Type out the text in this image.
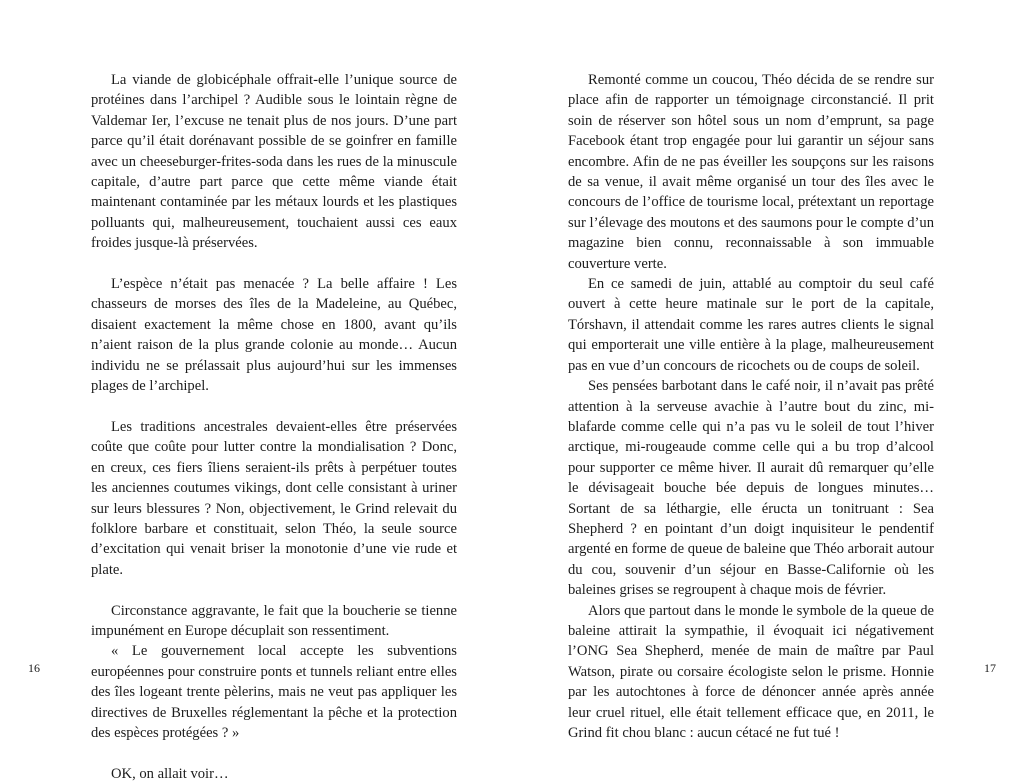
La viande de globicéphale offrait-elle l’unique source de protéines dans l’archipel ? Audible sous le lointain règne de Valdemar Ier, l’excuse ne tenait plus de nos jours. D’une part parce qu’il était dorénavant possible de se goinfrer en famille avec un cheeseburger-frites-soda dans les rues de la minuscule capitale, d’autre part parce que cette même viande était maintenant contaminée par les métaux lourds et les plastiques polluants qui, malheureusement, touchaient aussi ces eaux froides jusque-là préservées.

L’espèce n’était pas menacée ? La belle affaire ! Les chasseurs de morses des îles de la Madeleine, au Québec, disaient exactement la même chose en 1800, avant qu’ils n’aient raison de la plus grande colonie au monde… Aucun individu ne se prélassait plus aujourd’hui sur les immenses plages de l’archipel.

Les traditions ancestrales devaient-elles être préservées coûte que coûte pour lutter contre la mondialisation ? Donc, en creux, ces fiers îliens seraient-ils prêts à perpétuer toutes les anciennes coutumes vikings, dont celle consistant à uriner sur leurs blessures ? Non, objectivement, le Grind relevait du folklore barbare et constituait, selon Théo, la seule source d’excitation qui venait briser la monotonie d’une vie rude et plate.

Circonstance aggravante, le fait que la boucherie se tienne impunément en Europe décuplait son ressentiment.

« Le gouvernement local accepte les subventions européennes pour construire ponts et tunnels reliant entre elles des îles logeant trente pèlerins, mais ne veut pas appliquer les directives de Bruxelles réglementant la pêche et la protection des espèces protégées ? »

OK, on allait voir…

Remonté comme un coucou, Théo décida de se rendre sur place afin de rapporter un témoignage circonstancié. Il prit soin de réserver son hôtel sous un nom d’emprunt, sa page Facebook étant trop engagée pour lui garantir un séjour sans encombre. Afin de ne pas éveiller les soupçons sur les raisons de sa venue, il avait même organisé un tour des îles avec le concours de l’office de tourisme local, prétextant un reportage sur l’élevage des moutons et des saumons pour le compte d’un magazine bien connu, reconnaissable à son immuable couverture verte.

En ce samedi de juin, attablé au comptoir du seul café ouvert à cette heure matinale sur le port de la capitale, Tórshavn, il attendait comme les rares autres clients le signal qui emporterait une ville entière à la plage, malheureusement pas en vue d’un concours de ricochets ou de coups de soleil.

Ses pensées barbotant dans le café noir, il n’avait pas prêté attention à la serveuse avachie à l’autre bout du zinc, mi-blafarde comme celle qui n’a pas vu le soleil de tout l’hiver arctique, mi-rougeaude comme celle qui a bu trop d’alcool pour supporter ce même hiver. Il aurait dû remarquer qu’elle le dévisageait bouche bée depuis de longues minutes… Sortant de sa léthargie, elle éructa un tonitruant : Sea Shepherd ? en pointant d’un doigt inquisiteur le pendentif argenté en forme de queue de baleine que Théo arborait autour du cou, souvenir d’un séjour en Basse-Californie où les baleines grises se regroupent à chaque mois de février.

Alors que partout dans le monde le symbole de la queue de baleine attirait la sympathie, il évoquait ici négativement l’ONG Sea Shepherd, menée de main de maître par Paul Watson, pirate ou corsaire écologiste selon le prisme. Honnie par les autochtones à force de dénoncer année après année leur cruel rituel, elle était tellement efficace que, en 2011, le Grind fit chou blanc : aucun cétacé ne fut tué !

16	17
